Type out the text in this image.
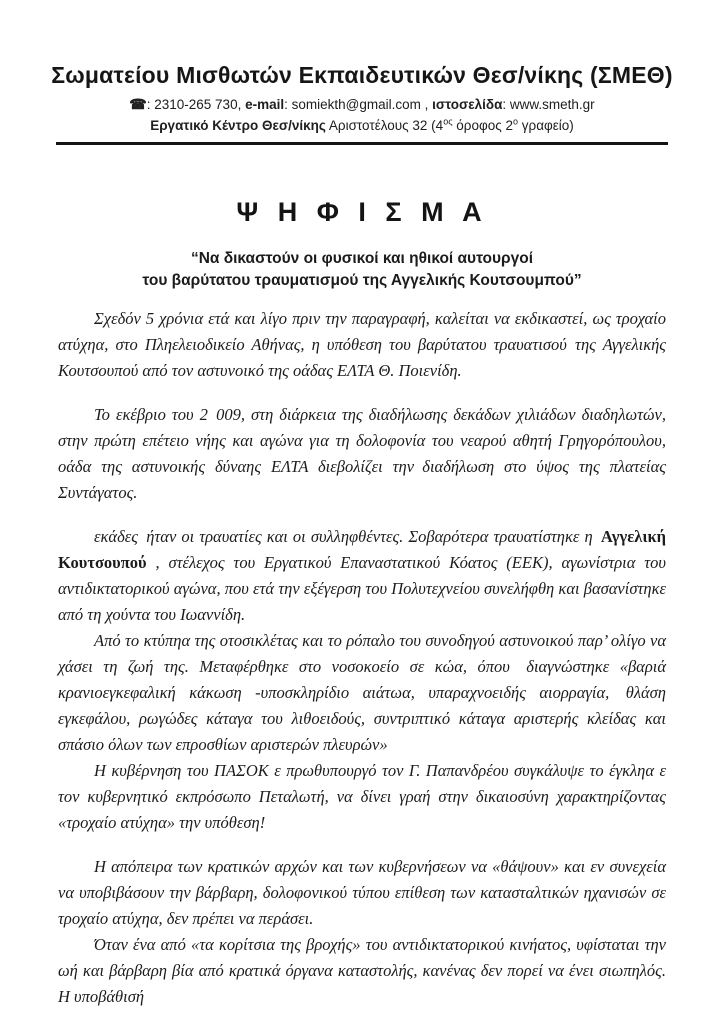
Σωματείου Μισθωτών Εκπαιδευτικών Θεσ/νίκης (ΣΜΕΘ)
☎: 2310-265 730, e-mail: somiekth@gmail.com , ιστοσελίδα: www.smeth.gr
Εργατικό Κέντρο Θεσ/νίκης Αριστοτέλους 32 ($4^{o\varsigma}$ όροφος $2^o$ γραφείο)
Ψ Η Φ Ι Σ Μ Α
“Να δικαστούν οι φυσικοί και ηθικοί αυτουργοί
του βαρύτατου τραυματισμού της Αγγελικής Κουτσουμπού”

Σχεδόν 5 χρόνια ετά και λίγο πριν την παραγραφή, καλείται να εκδικαστεί, ως τροχαίο ατύχηα, στο Πληελειοδικείο Αθήνας, η υπόθεση του βαρύτατου τραυατισού της Αγγελικής Κουτσουπού από τον αστυνοικό της οάδας ΕΛΤΑ Θ. Ποιενίδη.

Το εκέβριο του 2 009, στη διάρκεια της διαδήλωσης δεκάδων χιλιάδων διαδηλωτών, στην πρώτη επέτειο νήης και αγώνα για τη δολοφονία του νεαρού αθητή Γρηγορόπουλου, οάδα της αστυνοικής δύναης ΕΛΤΑ διεβολίζει την διαδήλωση στο ύψος της πλατείας Συντάγατος.

εκάδες ήταν οι τραυατίες και οι συλληφθέντες. Σοβαρότερα τραυατίστηκε η Αγγελική Κουτσουπού , στέλεχος του Εργατικού Επαναστατικού Κόατος (ΕΕΚ), αγωνίστρια του αντιδικτατορικού αγώνα, που ετά την εξέγερση του Πολυτεχνείου συνελήφθη και βασανίστηκε από τη χούντα του Ιωαννίδη.

Από το κτύπηα της οτοσικλέτας και το ρόπαλο του συνοδηγού αστυνοικού παρ’ ολίγο να χάσει τη ζωή της. Μεταφέρθηκε στο νοσοκοείο σε κώα, όπου  διαγνώστηκε «βαριά κρανιοεγκεφαλική κάκωση -υποσκληρίδιο αιάτωα, υπαραχνοειδής αιορραγία,  θλάση εγκεφάλου, ρωγώδες κάταγα του λιθοειδούς, συντριπτικό κάταγα αριστερής κλείδας και σπάσιο όλων των επροσθίων αριστερών πλευρών»

Η κυβέρνηση του ΠΑΣΟΚ ε πρωθυπουργό τον Γ. Παπανδρέου συγκάλυψε το έγκληα ε τον κυβερνητικό εκπρόσωπο Πεταλωτή, να δίνει γραή στην δικαιοσύνη χαρακτηρίζοντας «τροχαίο ατύχηα» την υπόθεση!

Η απόπειρα των κρατικών αρχών και των κυβερνήσεων να «θάψουν» και εν συνεχεία να υποβιβάσουν την βάρβαρη, δολοφονικού τύπου επίθεση των κατασταλτικών ηχανισών σε τροχαίο ατύχηα, δεν πρέπει να περάσει.

Όταν ένα από «τα κορίτσια της βροχής» του αντιδικτατορικού κινήατος, υφίσταται την ωή και βάρβαρη βία από κρατικά όργανα καταστολής, κανένας δεν πορεί να ένει σιωπηλός. Η υποβάθισή
